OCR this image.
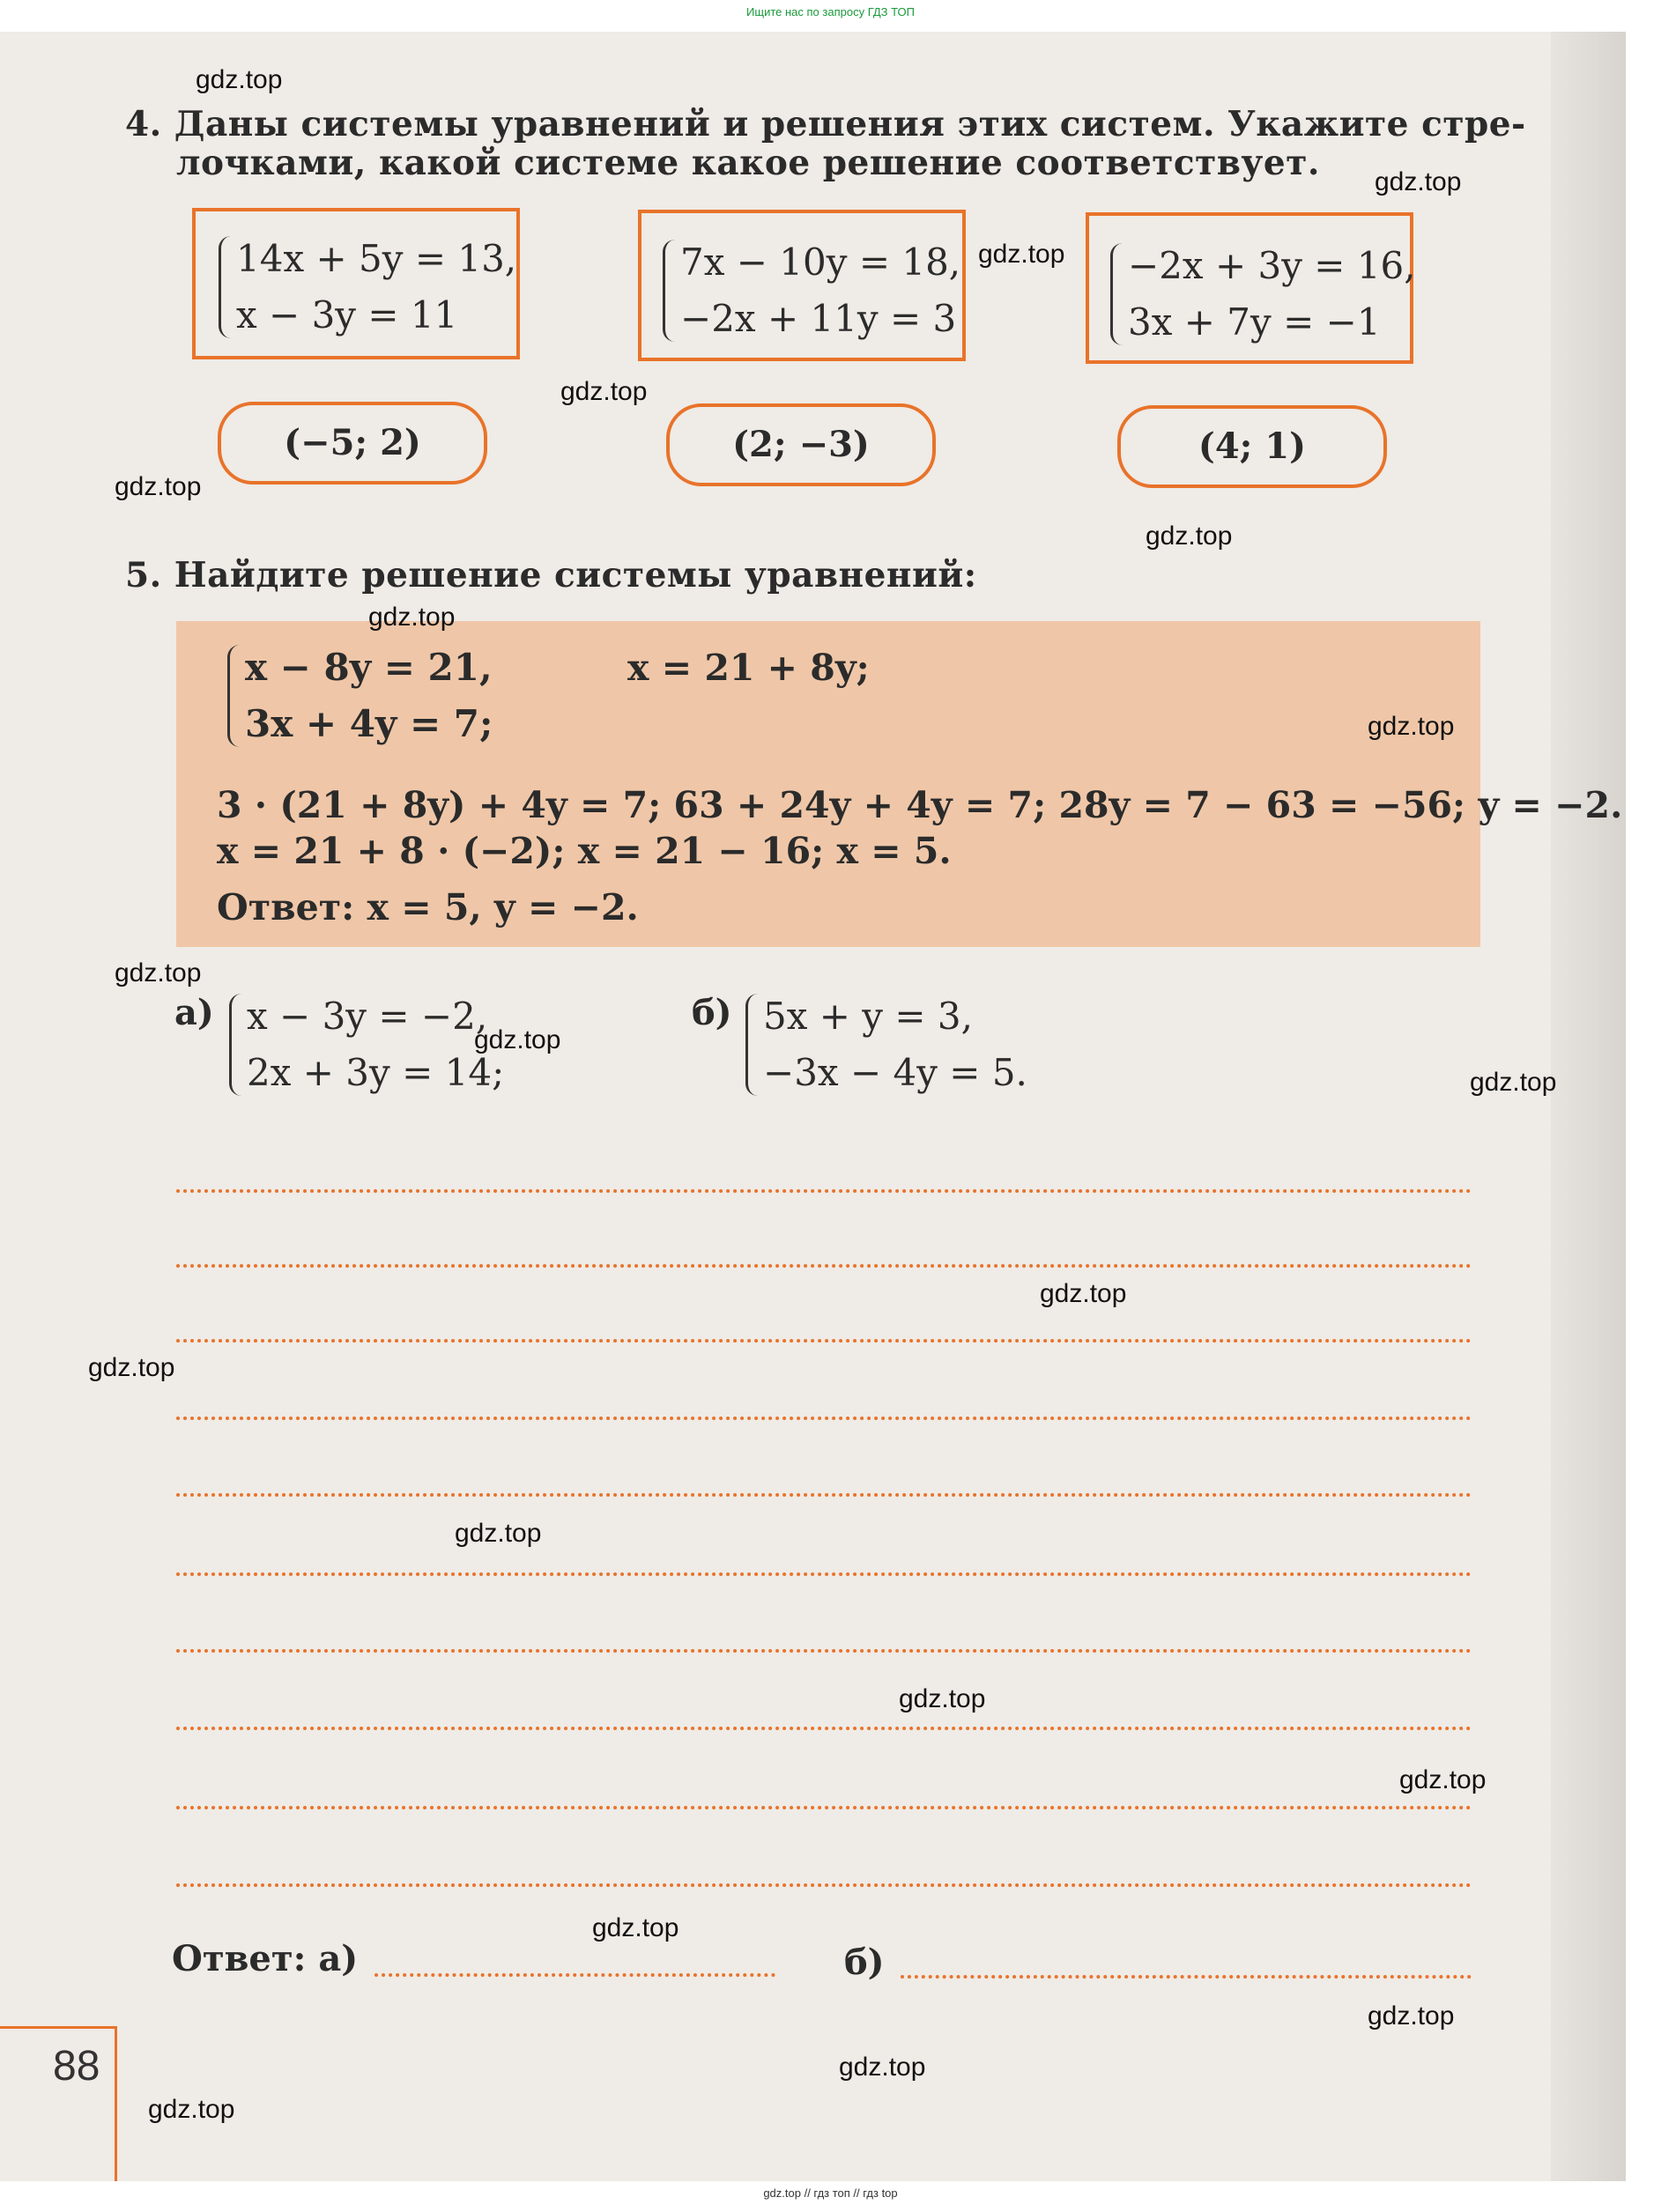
Ищите нас по запросу ГДЗ ТОП
4. Даны системы уравнений и решения этих систем. Укажите стре-
лочками, какой системе какое решение соответствует.
14x + 5y = 13,
x − 3y = 11
7x − 10y = 18,
−2x + 11y = 3
−2x + 3y = 16,
3x + 7y = −1
(−5; 2)	(2; −3)	(4; 1)
5. Найдите решение системы уравнений:
x − 8y = 21,
3x + 4y = 7;
x = 21 + 8y;
3 · (21 + 8y) + 4y = 7; 63 + 24y + 4y = 7; 28y = 7 − 63 = −56; y = −2.
x = 21 + 8 · (−2); x = 21 − 16; x = 5.
Ответ: x = 5, y = −2.
а) x − 3y = −2,
2x + 3y = 14;
б) 5x + y = 3,
−3x − 4y = 5.
Ответ: а)	б)
88
gdz.top
gdz.top
gdz.top
gdz.top
gdz.top
gdz.top
gdz.top
gdz.top
gdz.top
gdz.top
gdz.top
gdz.top
gdz.top
gdz.top
gdz.top
gdz.top
gdz.top
gdz.top
gdz.top
gdz.top
gdz.top // гдз топ // гдз top
